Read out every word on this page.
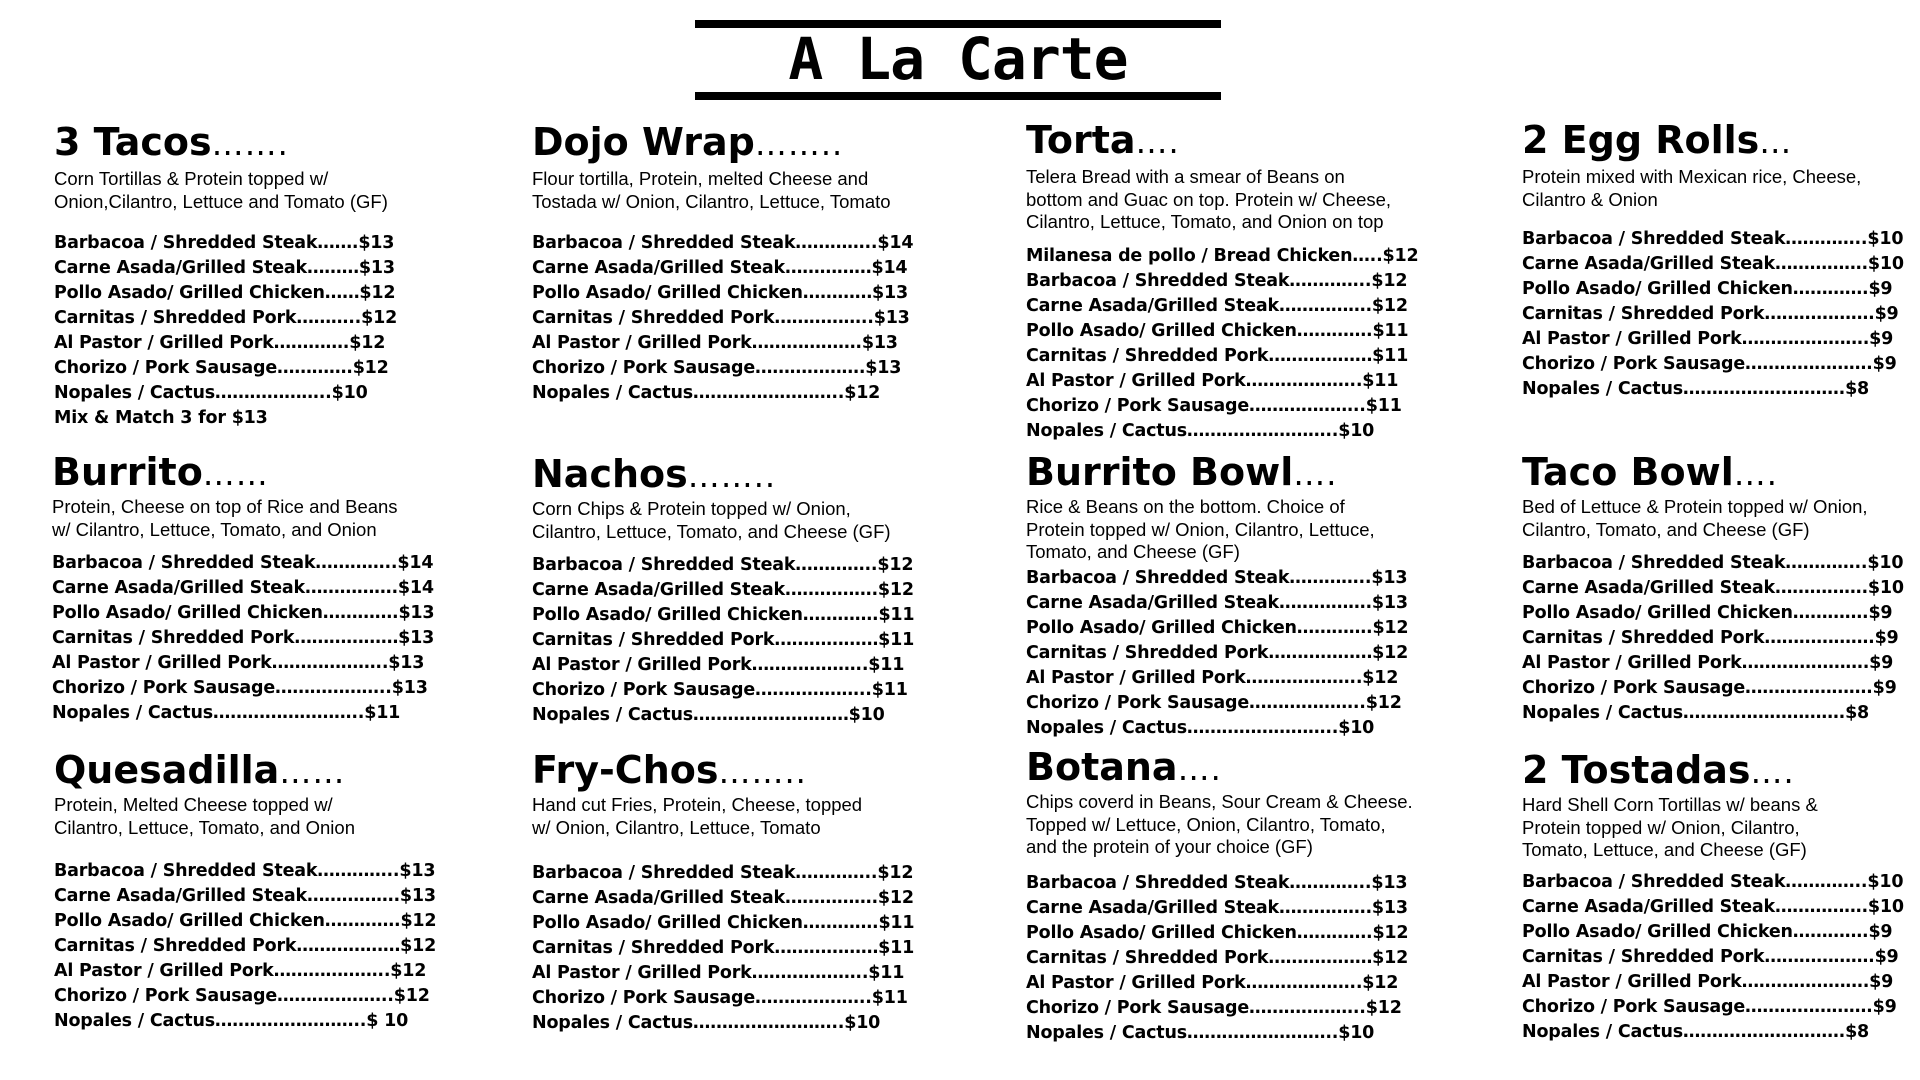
A La Carte
3 Tacos…….
Corn Tortillas & Protein topped w/
Onion,Cilantro, Lettuce and Tomato (GF)
Barbacoa / Shredded Steak…….$13
Carne Asada/Grilled Steak………$13
Pollo Asado/ Grilled Chicken……$12
Carnitas / Shredded Pork………..$12
Al Pastor / Grilled Pork………….$12
Chorizo / Pork Sausage………….$12
Nopales / Cactus………………..$10
Mix & Match 3 for $13
Dojo Wrap……..
Flour tortilla, Protein, melted Cheese and
Tostada w/ Onion, Cilantro, Lettuce, Tomato
Barbacoa / Shredded Steak…………..$14
Carne Asada/Grilled Steak……………$14
Pollo Asado/ Grilled Chicken…………$13
Carnitas / Shredded Pork……………..$13
Al Pastor / Grilled Pork……………….$13
Chorizo / Pork Sausage……………….$13
Nopales / Cactus……………………..$12
Torta….
Telera Bread with a smear of Beans on
bottom and Guac on top. Protein w/ Cheese,
Cilantro, Lettuce, Tomato, and Onion on top
Milanesa de pollo / Bread Chicken…..$12
Barbacoa / Shredded Steak…………..$12
Carne Asada/Grilled Steak…………….$12
Pollo Asado/ Grilled Chicken………….$11
Carnitas / Shredded Pork………………$11
Al Pastor / Grilled Pork………………..$11
Chorizo / Pork Sausage………………..$11
Nopales / Cactus……………………..$10
2 Egg Rolls…
Protein mixed with Mexican rice, Cheese,
Cilantro & Onion
Barbacoa / Shredded Steak…………..$10
Carne Asada/Grilled Steak…………….$10
Pollo Asado/ Grilled Chicken………….$9
Carnitas / Shredded Pork……………….$9
Al Pastor / Grilled Pork………………….$9
Chorizo / Pork Sausage………………….$9
Nopales / Cactus……………………….$8
Burrito……
Protein, Cheese on top of Rice and Beans
w/ Cilantro, Lettuce, Tomato, and Onion
Barbacoa / Shredded Steak…………..$14
Carne Asada/Grilled Steak…………….$14
Pollo Asado/ Grilled Chicken………….$13
Carnitas / Shredded Pork………………$13
Al Pastor / Grilled Pork………………..$13
Chorizo / Pork Sausage………………..$13
Nopales / Cactus……………………..$11
Nachos……..
Corn Chips & Protein topped w/ Onion,
Cilantro, Lettuce, Tomato, and Cheese (GF)
Barbacoa / Shredded Steak…………..$12
Carne Asada/Grilled Steak…………….$12
Pollo Asado/ Grilled Chicken………….$11
Carnitas / Shredded Pork………………$11
Al Pastor / Grilled Pork………………..$11
Chorizo / Pork Sausage………………..$11
Nopales / Cactus………………………$10
Burrito Bowl….
Rice & Beans on the bottom. Choice of
Protein topped w/ Onion, Cilantro, Lettuce,
Tomato, and Cheese (GF)
Barbacoa / Shredded Steak…………..$13
Carne Asada/Grilled Steak…………….$13
Pollo Asado/ Grilled Chicken………….$12
Carnitas / Shredded Pork………………$12
Al Pastor / Grilled Pork………………..$12
Chorizo / Pork Sausage………………..$12
Nopales / Cactus……………………..$10
Taco Bowl….
Bed of Lettuce & Protein topped w/ Onion,
Cilantro, Tomato, and Cheese (GF)
Barbacoa / Shredded Steak…………..$10
Carne Asada/Grilled Steak…………….$10
Pollo Asado/ Grilled Chicken………….$9
Carnitas / Shredded Pork……………….$9
Al Pastor / Grilled Pork………………….$9
Chorizo / Pork Sausage………………….$9
Nopales / Cactus……………………….$8
Quesadilla……
Protein, Melted Cheese topped w/
Cilantro, Lettuce, Tomato, and Onion
Barbacoa / Shredded Steak…………..$13
Carne Asada/Grilled Steak…………….$13
Pollo Asado/ Grilled Chicken………….$12
Carnitas / Shredded Pork………………$12
Al Pastor / Grilled Pork………………..$12
Chorizo / Pork Sausage………………..$12
Nopales / Cactus……………………..$ 10
Fry-Chos……..
Hand cut Fries, Protein, Cheese, topped
w/ Onion, Cilantro, Lettuce, Tomato
Barbacoa / Shredded Steak…………..$12
Carne Asada/Grilled Steak…………….$12
Pollo Asado/ Grilled Chicken………….$11
Carnitas / Shredded Pork………………$11
Al Pastor / Grilled Pork………………..$11
Chorizo / Pork Sausage………………..$11
Nopales / Cactus……………………..$10
Botana….
Chips coverd in Beans, Sour Cream & Cheese.
Topped w/ Lettuce, Onion, Cilantro, Tomato,
and the protein of your choice (GF)
Barbacoa / Shredded Steak…………..$13
Carne Asada/Grilled Steak…………….$13
Pollo Asado/ Grilled Chicken………….$12
Carnitas / Shredded Pork………………$12
Al Pastor / Grilled Pork………………..$12
Chorizo / Pork Sausage………………..$12
Nopales / Cactus……………………..$10
2 Tostadas….
Hard Shell Corn Tortillas w/ beans &
Protein topped w/ Onion, Cilantro,
Tomato, Lettuce, and Cheese (GF)
Barbacoa / Shredded Steak…………..$10
Carne Asada/Grilled Steak…………….$10
Pollo Asado/ Grilled Chicken………….$9
Carnitas / Shredded Pork……………….$9
Al Pastor / Grilled Pork………………….$9
Chorizo / Pork Sausage………………….$9
Nopales / Cactus……………………….$8
